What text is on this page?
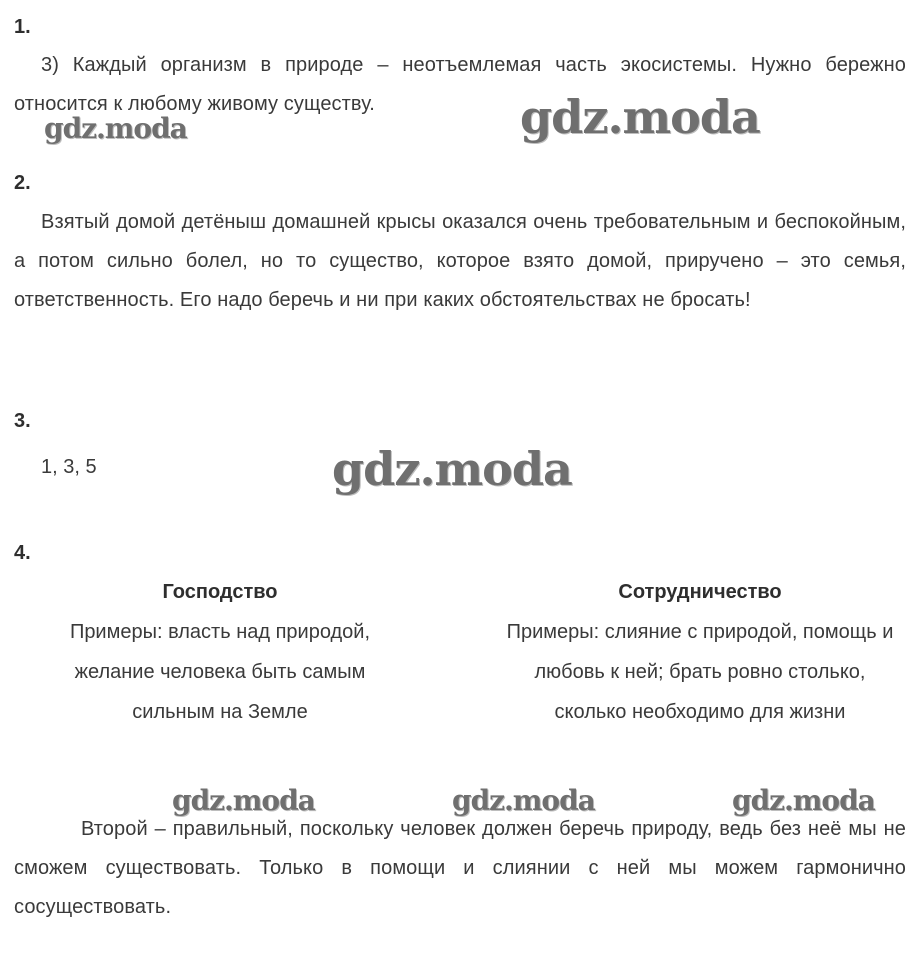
1.

3) Каждый организм в природе – неотъемлемая часть экосистемы. Нужно бережно относится к любому живому существу.

2.

Взятый домой детёныш домашней крысы оказался очень требовательным и беспокойным, а потом сильно болел, но то существо, которое взято домой, приручено – это семья, ответственность. Его надо беречь и ни при каких обстоятельствах не бросать!

3.
1, 3, 5
4.
Господство
Примеры: власть над природой, желание человека быть самым сильным на Земле
Сотрудничество
Примеры: слияние с природой, помощь и любовь к ней; брать ровно столько, сколько необходимо для жизни

Второй – правильный, поскольку человек должен беречь природу, ведь без неё мы не сможем существовать. Только в помощи и слиянии с ней мы можем гармонично сосуществовать.

gdz.moda	gdz.moda
gdz.moda
gdz.moda	gdz.moda	gdz.moda
